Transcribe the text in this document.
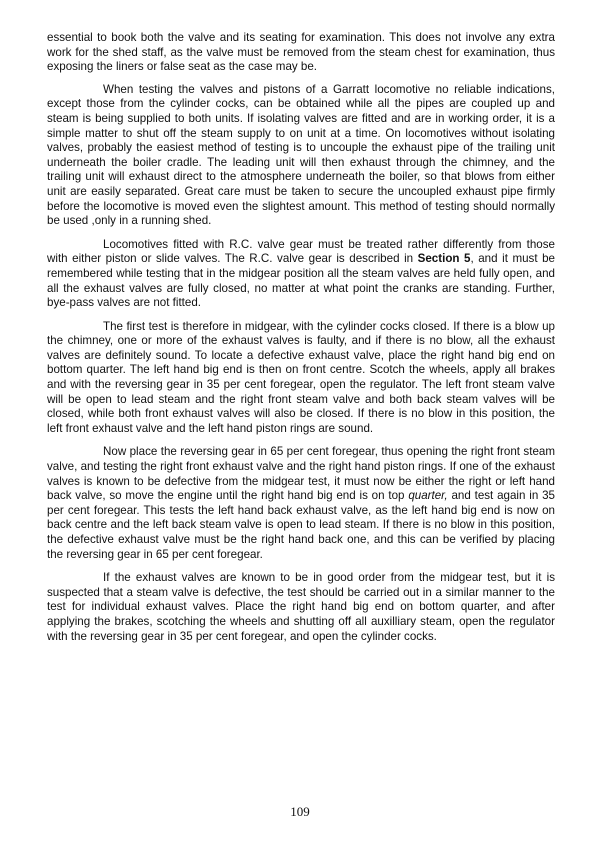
essential to book both the valve and its seating for examination. This does not involve any extra work for the shed staff, as the valve must be removed from the steam chest for examination, thus exposing the liners or false seat as the case may be.

When testing the valves and pistons of a Garratt locomotive no reliable indications, except those from the cylinder cocks, can be obtained while all the pipes are coupled up and steam is being supplied to both units. If isolating valves are fitted and are in working order, it is a simple matter to shut off the steam supply to on unit at a time. On locomotives without isolating valves, probably the easiest method of testing is to uncouple the exhaust pipe of the trailing unit underneath the boiler cradle. The leading unit will then exhaust through the chimney, and the trailing unit will exhaust direct to the atmosphere underneath the boiler, so that blows from either unit are easily separated. Great care must be taken to secure the uncoupled exhaust pipe firmly before the locomotive is moved even the slightest amount. This method of testing should normally be used ,only in a running shed.

Locomotives fitted with R.C. valve gear must be treated rather differently from those with either piston or slide valves. The R.C. valve gear is described in Section 5, and it must be remembered while testing that in the midgear position all the steam valves are held fully open, and all the exhaust valves are fully closed, no matter at what point the cranks are standing. Further, bye-pass valves are not fitted.

The first test is therefore in midgear, with the cylinder cocks closed. If there is a blow up the chimney, one or more of the exhaust valves is faulty, and if there is no blow, all the exhaust valves are definitely sound. To locate a defective exhaust valve, place the right hand big end on bottom quarter. The left hand big end is then on front centre. Scotch the wheels, apply all brakes and with the reversing gear in 35 per cent foregear, open the regulator. The left front steam valve will be open to lead steam and the right front steam valve and both back steam valves will be closed, while both front exhaust valves will also be closed. If there is no blow in this position, the left front exhaust valve and the left hand piston rings are sound.

Now place the reversing gear in 65 per cent foregear, thus opening the right front steam valve, and testing the right front exhaust valve and the right hand piston rings. If one of the exhaust valves is known to be defective from the midgear test, it must now be either the right or left hand back valve, so move the engine until the right hand big end is on top quarter, and test again in 35 per cent foregear. This tests the left hand back exhaust valve, as the left hand big end is now on back centre and the left back steam valve is open to lead steam. If there is no blow in this position, the defective exhaust valve must be the right hand back one, and this can be verified by placing the reversing gear in 65 per cent foregear.

If the exhaust valves are known to be in good order from the midgear test, but it is suspected that a steam valve is defective, the test should be carried out in a similar manner to the test for individual exhaust valves. Place the right hand big end on bottom quarter, and after applying the brakes, scotching the wheels and shutting off all auxilliary steam, open the regulator with the reversing gear in 35 per cent foregear, and open the cylinder cocks.

109
